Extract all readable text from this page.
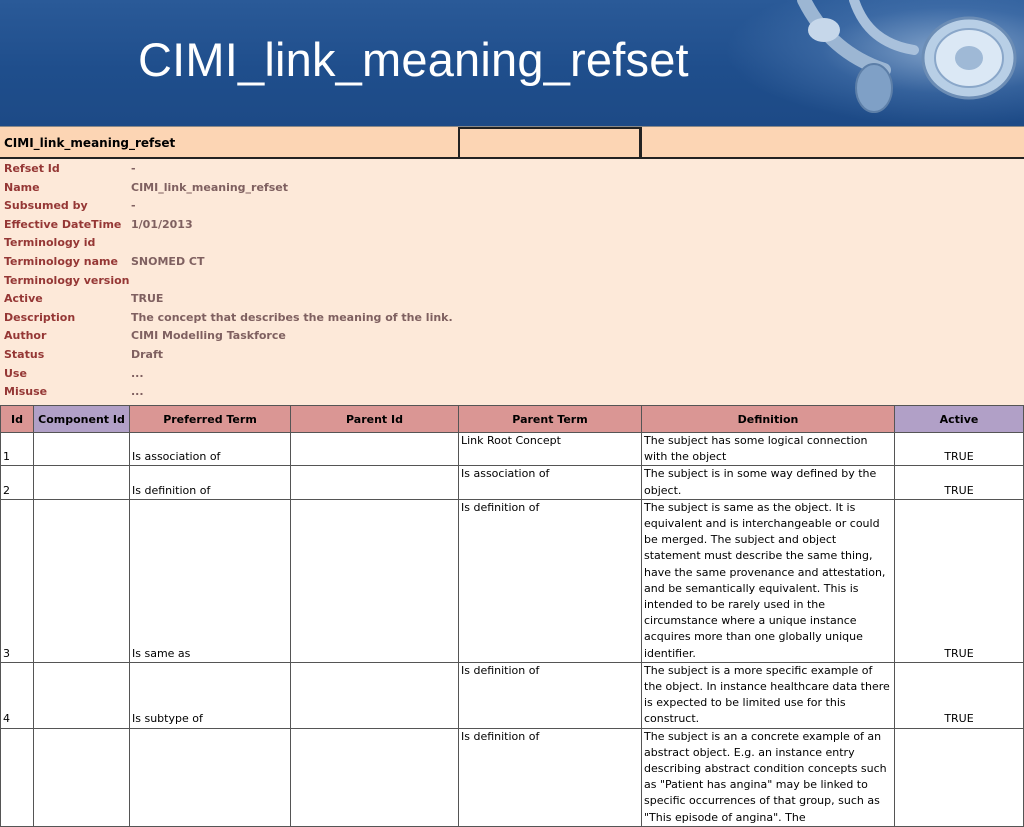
CIMI_link_meaning_refset
CIMI_link_meaning_refset
Refset Id	-
Name	CIMI_link_meaning_refset
Subsumed by	-
Effective DateTime 1/01/2013
Terminology id
Terminology name SNOMED CT
Terminology version
Active	TRUE
Description	The concept that describes the meaning of the link.
Author	CIMI Modelling Taskforce
Status	Draft
Use	...
Misuse	...
Id	Component Id	Preferred Term	Parent Id	Parent Term	Definition	Active
1		Is association of		Link Root Concept	The subject has some logical connection with the object	TRUE
2		Is definition of		Is association of	The subject is in some way defined by the object.	TRUE
3		Is same as		Is definition of	The subject is same as the object. It is equivalent and is interchangeable or could be merged. The subject and object statement must describe the same thing, have the same provenance and attestation, and be semantically equivalent. This is intended to be rarely used in the circumstance where a unique instance acquires more than one globally unique identifier.	TRUE
4		Is subtype of		Is definition of	The subject is a more specific example of the object. In instance healthcare data there is expected to be limited use for this construct.	TRUE
				Is definition of	The subject is an a concrete example of an abstract object. E.g. an instance entry describing abstract condition concepts such as "Patient has angina" may be linked to specific occurrences of that group, such as "This episode of angina". The	
